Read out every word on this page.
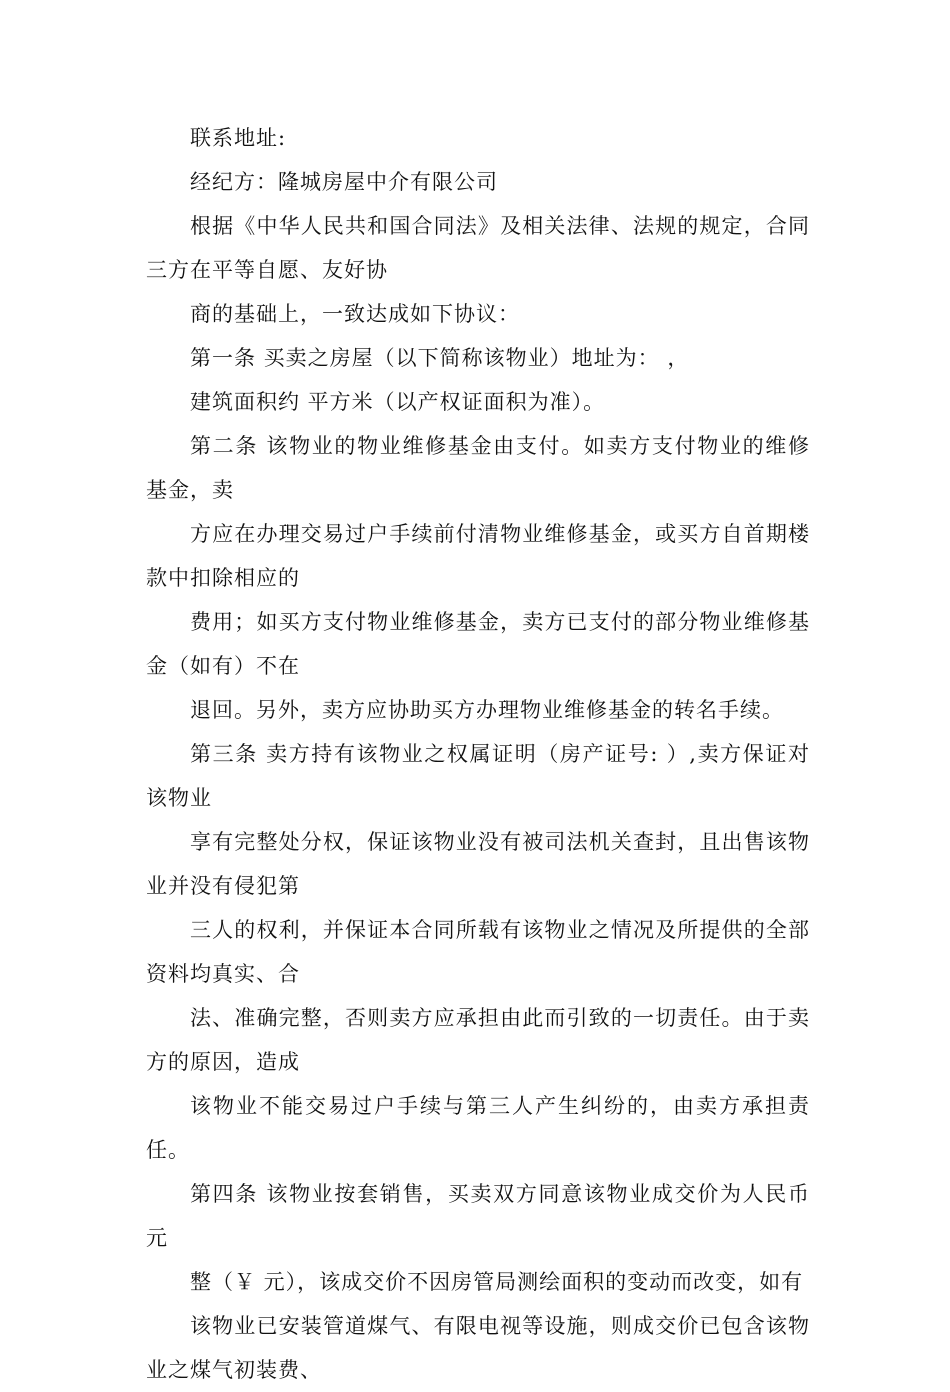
联系地址:

经纪方：隆城房屋中介有限公司

根据《中华人民共和国合同法》及相关法律、法规的规定，合同三方在平等自愿、友好协

商的基础上，一致达成如下协议：

第一条 买卖之房屋（以下简称该物业）地址为： ，

建筑面积约 平方米（以产权证面积为准）。

第二条 该物业的物业维修基金由支付。如卖方支付物业的维修基金，卖

方应在办理交易过户手续前付清物业维修基金，或买方自首期楼款中扣除相应的

费用；如买方支付物业维修基金，卖方已支付的部分物业维修基金（如有）不在

退回。另外，卖方应协助买方办理物业维修基金的转名手续。

第三条 卖方持有该物业之权属证明（房产证号: ）,卖方保证对该物业

享有完整处分权，保证该物业没有被司法机关查封，且出售该物业并没有侵犯第

三人的权利，并保证本合同所载有该物业之情况及所提供的全部资料均真实、合

法、准确完整，否则卖方应承担由此而引致的一切责任。由于卖方的原因，造成

该物业不能交易过户手续与第三人产生纠纷的，由卖方承担责任。

第四条 该物业按套销售，买卖双方同意该物业成交价为人民币 元

整（￥ 元），该成交价不因房管局测绘面积的变动而改变，如有

该物业已安装管道煤气、有限电视等设施，则成交价已包含该物业之煤气初装费、
